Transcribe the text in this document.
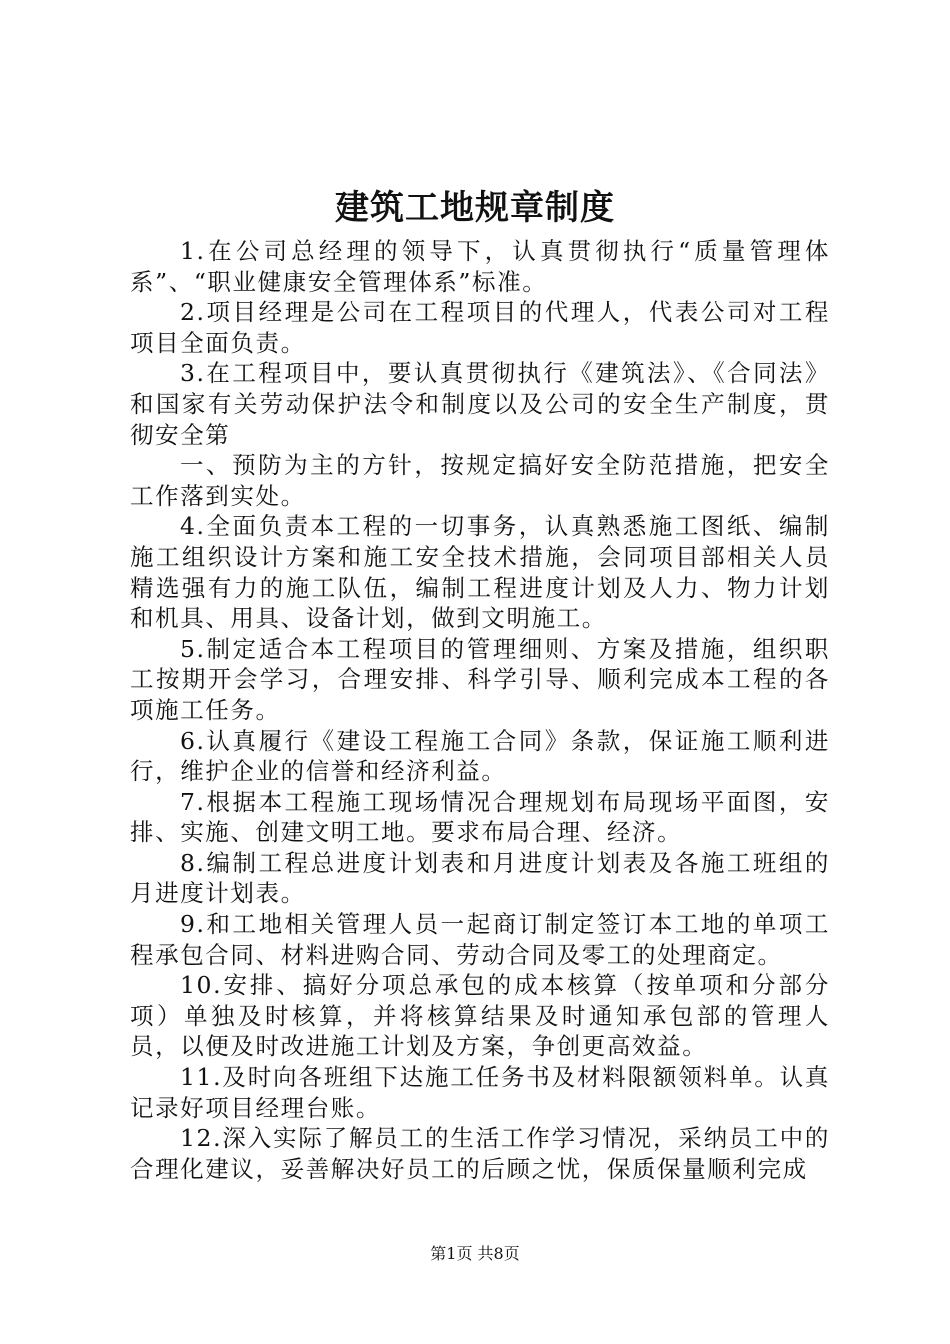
建筑工地规章制度

1.在公司总经理的领导下，认真贯彻执行“质量管理体系”、“职业健康安全管理体系”标准。

2.项目经理是公司在工程项目的代理人，代表公司对工程项目全面负责。

3.在工程项目中，要认真贯彻执行《建筑法》、《合同法》和国家有关劳动保护法令和制度以及公司的安全生产制度，贯彻安全第

一、预防为主的方针，按规定搞好安全防范措施，把安全工作落到实处。

4.全面负责本工程的一切事务，认真熟悉施工图纸、编制施工组织设计方案和施工安全技术措施，会同项目部相关人员精选强有力的施工队伍，编制工程进度计划及人力、物力计划和机具、用具、设备计划，做到文明施工。

5.制定适合本工程项目的管理细则、方案及措施，组织职工按期开会学习，合理安排、科学引导、顺利完成本工程的各项施工任务。

6.认真履行《建设工程施工合同》条款，保证施工顺利进行，维护企业的信誉和经济利益。

7.根据本工程施工现场情况合理规划布局现场平面图，安排、实施、创建文明工地。要求布局合理、经济。

8.编制工程总进度计划表和月进度计划表及各施工班组的月进度计划表。

9.和工地相关管理人员一起商订制定签订本工地的单项工程承包合同、材料进购合同、劳动合同及零工的处理商定。

10.安排、搞好分项总承包的成本核算（按单项和分部分项）单独及时核算，并将核算结果及时通知承包部的管理人员，以便及时改进施工计划及方案，争创更高效益。

11.及时向各班组下达施工任务书及材料限额领料单。认真记录好项目经理台账。

12.深入实际了解员工的生活工作学习情况，采纳员工中的合理化建议，妥善解决好员工的后顾之忧，保质保量顺利完成

第1页 共8页
